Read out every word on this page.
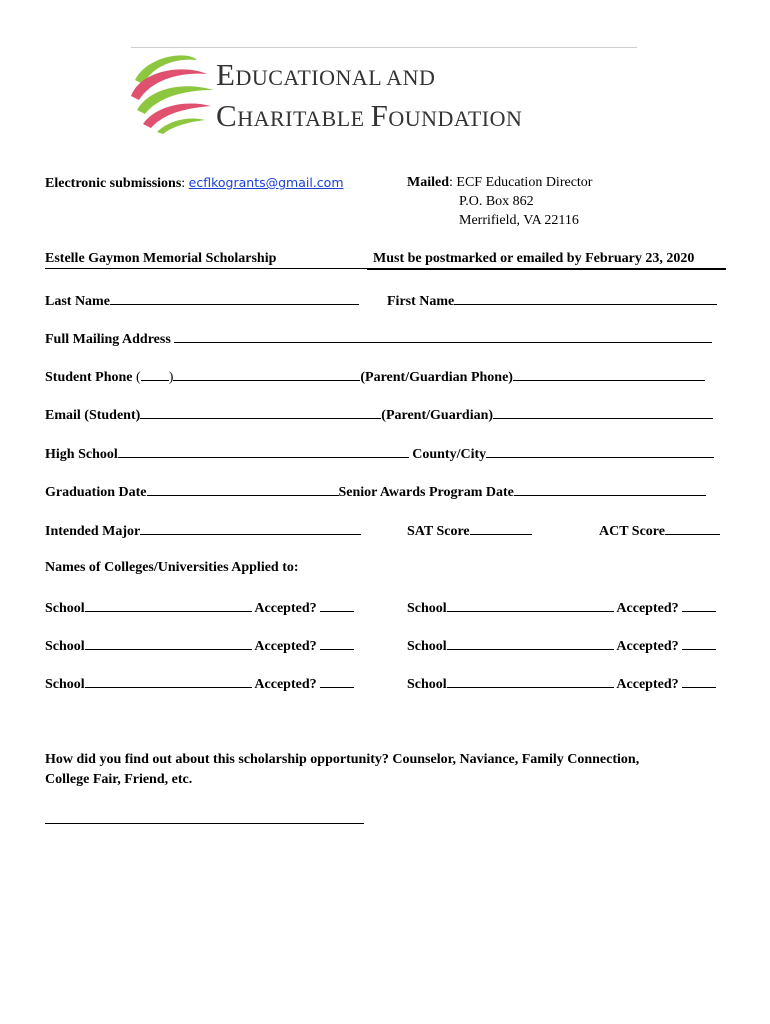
EDUCATIONAL AND
CHARITABLE FOUNDATION
Electronic submissions: ecflkogrants@gmail.com	Mailed: ECF Education Director
P.O. Box 862
Merrifield, VA 22116
Estelle Gaymon Memorial Scholarship	Must be postmarked or emailed by February 23, 2020
Last Name	First Name
Full Mailing Address
Student Phone ( )	(Parent/Guardian Phone)
Email (Student)	(Parent/Guardian)
High School	County/City
Graduation Date	Senior Awards Program Date
Intended Major	SAT Score	ACT Score
Names of Colleges/Universities Applied to:
School	Accepted?
School	Accepted?
School	Accepted?
School	Accepted?
School	Accepted?
School	Accepted?
How did you find out about this scholarship opportunity? Counselor, Naviance, Family Connection,
College Fair, Friend, etc.
